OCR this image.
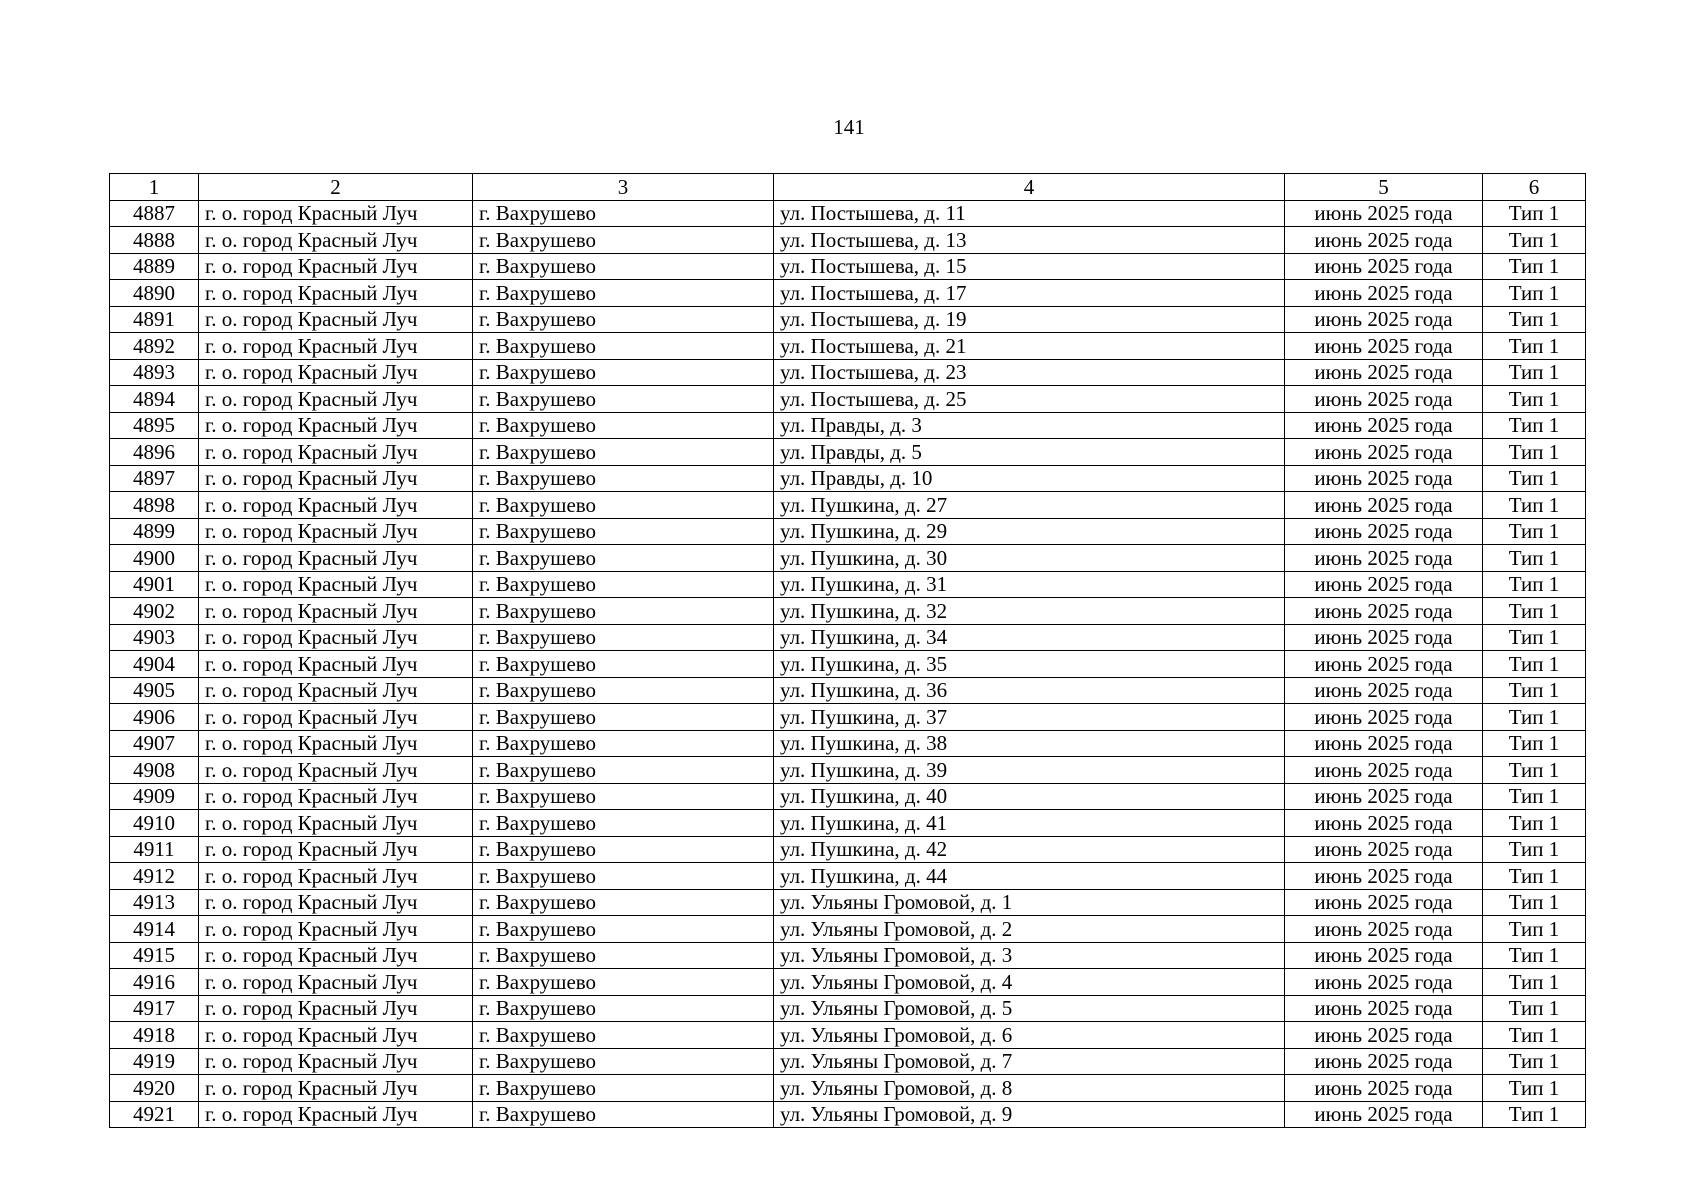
141
1	2	3	4	5	6
4887	г. о. город Красный Луч	г. Вахрушево	ул. Постышева, д. 11	июнь 2025 года	Тип 1
4888	г. о. город Красный Луч	г. Вахрушево	ул. Постышева, д. 13	июнь 2025 года	Тип 1
4889	г. о. город Красный Луч	г. Вахрушево	ул. Постышева, д. 15	июнь 2025 года	Тип 1
4890	г. о. город Красный Луч	г. Вахрушево	ул. Постышева, д. 17	июнь 2025 года	Тип 1
4891	г. о. город Красный Луч	г. Вахрушево	ул. Постышева, д. 19	июнь 2025 года	Тип 1
4892	г. о. город Красный Луч	г. Вахрушево	ул. Постышева, д. 21	июнь 2025 года	Тип 1
4893	г. о. город Красный Луч	г. Вахрушево	ул. Постышева, д. 23	июнь 2025 года	Тип 1
4894	г. о. город Красный Луч	г. Вахрушево	ул. Постышева, д. 25	июнь 2025 года	Тип 1
4895	г. о. город Красный Луч	г. Вахрушево	ул. Правды, д. 3	июнь 2025 года	Тип 1
4896	г. о. город Красный Луч	г. Вахрушево	ул. Правды, д. 5	июнь 2025 года	Тип 1
4897	г. о. город Красный Луч	г. Вахрушево	ул. Правды, д. 10	июнь 2025 года	Тип 1
4898	г. о. город Красный Луч	г. Вахрушево	ул. Пушкина, д. 27	июнь 2025 года	Тип 1
4899	г. о. город Красный Луч	г. Вахрушево	ул. Пушкина, д. 29	июнь 2025 года	Тип 1
4900	г. о. город Красный Луч	г. Вахрушево	ул. Пушкина, д. 30	июнь 2025 года	Тип 1
4901	г. о. город Красный Луч	г. Вахрушево	ул. Пушкина, д. 31	июнь 2025 года	Тип 1
4902	г. о. город Красный Луч	г. Вахрушево	ул. Пушкина, д. 32	июнь 2025 года	Тип 1
4903	г. о. город Красный Луч	г. Вахрушево	ул. Пушкина, д. 34	июнь 2025 года	Тип 1
4904	г. о. город Красный Луч	г. Вахрушево	ул. Пушкина, д. 35	июнь 2025 года	Тип 1
4905	г. о. город Красный Луч	г. Вахрушево	ул. Пушкина, д. 36	июнь 2025 года	Тип 1
4906	г. о. город Красный Луч	г. Вахрушево	ул. Пушкина, д. 37	июнь 2025 года	Тип 1
4907	г. о. город Красный Луч	г. Вахрушево	ул. Пушкина, д. 38	июнь 2025 года	Тип 1
4908	г. о. город Красный Луч	г. Вахрушево	ул. Пушкина, д. 39	июнь 2025 года	Тип 1
4909	г. о. город Красный Луч	г. Вахрушево	ул. Пушкина, д. 40	июнь 2025 года	Тип 1
4910	г. о. город Красный Луч	г. Вахрушево	ул. Пушкина, д. 41	июнь 2025 года	Тип 1
4911	г. о. город Красный Луч	г. Вахрушево	ул. Пушкина, д. 42	июнь 2025 года	Тип 1
4912	г. о. город Красный Луч	г. Вахрушево	ул. Пушкина, д. 44	июнь 2025 года	Тип 1
4913	г. о. город Красный Луч	г. Вахрушево	ул. Ульяны Громовой, д. 1	июнь 2025 года	Тип 1
4914	г. о. город Красный Луч	г. Вахрушево	ул. Ульяны Громовой, д. 2	июнь 2025 года	Тип 1
4915	г. о. город Красный Луч	г. Вахрушево	ул. Ульяны Громовой, д. 3	июнь 2025 года	Тип 1
4916	г. о. город Красный Луч	г. Вахрушево	ул. Ульяны Громовой, д. 4	июнь 2025 года	Тип 1
4917	г. о. город Красный Луч	г. Вахрушево	ул. Ульяны Громовой, д. 5	июнь 2025 года	Тип 1
4918	г. о. город Красный Луч	г. Вахрушево	ул. Ульяны Громовой, д. 6	июнь 2025 года	Тип 1
4919	г. о. город Красный Луч	г. Вахрушево	ул. Ульяны Громовой, д. 7	июнь 2025 года	Тип 1
4920	г. о. город Красный Луч	г. Вахрушево	ул. Ульяны Громовой, д. 8	июнь 2025 года	Тип 1
4921	г. о. город Красный Луч	г. Вахрушево	ул. Ульяны Громовой, д. 9	июнь 2025 года	Тип 1
